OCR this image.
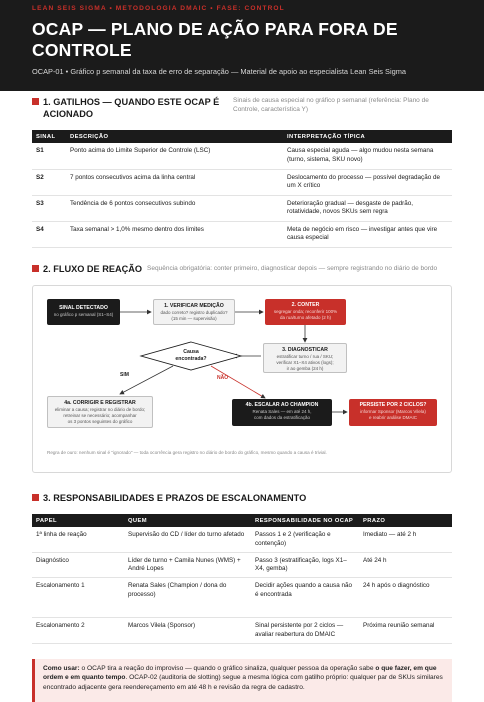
LEAN SEIS SIGMA • METODOLOGIA DMAIC • FASE: CONTROL
OCAP — PLANO DE AÇÃO PARA FORA DE
CONTROLE
OCAP-01 • Gráfico p semanal da taxa de erro de separação — Material de apoio ao especialista Lean Seis Sigma
1. GATILHOS — QUANDO ESTE OCAP É
ACIONADO
Sinais de causa especial no gráfico p semanal (referência: Plano de Controle, característica Y)
SINAL	DESCRIÇÃO	INTERPRETAÇÃO TÍPICA
S1	Ponto acima do Limite Superior de Controle (LSC)	Causa especial aguda — algo mudou nesta semana (turno, sistema, SKU novo)
S2	7 pontos consecutivos acima da linha central	Deslocamento do processo — possível degradação de um X crítico
S3	Tendência de 6 pontos consecutivos subindo	Deterioração gradual — desgaste de padrão, rotatividade, novos SKUs sem regra
S4	Taxa semanal > 1,0% mesmo dentro dos limites	Meta de negócio em risco — investigar antes que vire causa especial
2. FLUXO DE REAÇÃO Sequência obrigatória: conter primeiro, diagnosticar depois — sempre registrando no diário de bordo
SINAL DETECTADO
no gráfico p semanal (S1–S4)
1. VERIFICAR MEDIÇÃO
dado correto? registro duplicado?
(15 min — supervisão)
2. CONTER
segregar onda; reconferir 100%
da rua/turno afetado (2 h)
3. DIAGNOSTICAR
estratificar turno / rua / SKU;
verificar X1–X4 ativos (logs);
ir ao gemba (24 h)
Causa
encontrada?
SIM	NÃO
4a. CORRIGIR E REGISTRAR
eliminar a causa; registrar no diário de bordo;
retreinar se necessário; acompanhar
os 3 pontos seguintes do gráfico
4b. ESCALAR AO CHAMPION
Renata Sales — em até 24 h,
com dados da estratificação
PERSISTE POR 2 CICLOS?
informar Sponsor (Marcos Vilela)
e reabrir análise DMAIC
Regra de ouro: nenhum sinal é "ignorado" — toda ocorrência gera registro no diário de bordo do gráfico, mesmo quando a causa é trivial.
3. RESPONSABILIDADES E PRAZOS DE ESCALONAMENTO
PAPEL	QUEM	RESPONSABILIDADE NO OCAP	PRAZO
1ª linha de reação	Supervisão do CD / líder do turno afetado	Passos 1 e 2 (verificação e contenção)	Imediato — até 2 h
Diagnóstico	Líder de turno + Camila Nunes (WMS) + André Lopes	Passo 3 (estratificação, logs X1–X4, gemba)	Até 24 h
Escalonamento 1	Renata Sales (Champion / dona do processo)	Decidir ações quando a causa não é encontrada	24 h após o diagnóstico
Escalonamento 2	Marcos Vilela (Sponsor)	Sinal persistente por 2 ciclos — avaliar reabertura do DMAIC	Próxima reunião semanal
Como usar: o OCAP tira a reação do improviso — quando o gráfico sinaliza, qualquer pessoa da operação sabe o que fazer, em que ordem e em quanto tempo. OCAP-02 (auditoria de slotting) segue a mesma lógica com gatilho próprio: qualquer par de SKUs similares encontrado adjacente gera reendereçamento em até 48 h e revisão da regra de cadastro.
